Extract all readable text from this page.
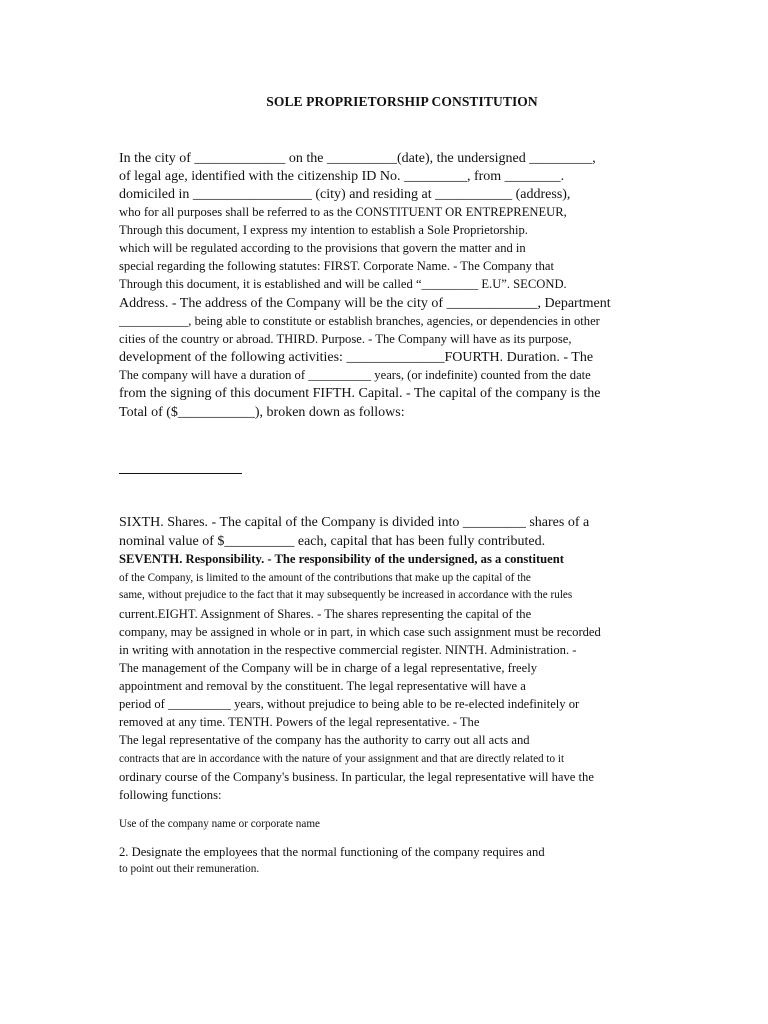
SOLE PROPRIETORSHIP CONSTITUTION
In the city of _____________ on the __________(date), the undersigned _________,
of legal age, identified with the citizenship ID No. _________, from ________.
domiciled in _________________ (city) and residing at ___________ (address),
who for all purposes shall be referred to as the CONSTITUENT OR ENTREPRENEUR,
Through this document, I express my intention to establish a Sole Proprietorship.
which will be regulated according to the provisions that govern the matter and in
special regarding the following statutes: FIRST. Corporate Name. - The Company that
Through this document, it is established and will be called “_________ E.U”. SECOND.
Address. - The address of the Company will be the city of _____________, Department
___________, being able to constitute or establish branches, agencies, or dependencies in other
cities of the country or abroad. THIRD. Purpose. - The Company will have as its purpose,
development of the following activities: ______________FOURTH. Duration. - The
The company will have a duration of __________ years, (or indefinite) counted from the date
from the signing of this document FIFTH. Capital. - The capital of the company is the
Total of ($___________), broken down as follows:
SIXTH. Shares. - The capital of the Company is divided into _________ shares of a
nominal value of $__________ each, capital that has been fully contributed.
SEVENTH. Responsibility. - The responsibility of the undersigned, as a constituent
of the Company, is limited to the amount of the contributions that make up the capital of the
same, without prejudice to the fact that it may subsequently be increased in accordance with the rules
current.EIGHT. Assignment of Shares. - The shares representing the capital of the
company, may be assigned in whole or in part, in which case such assignment must be recorded
in writing with annotation in the respective commercial register. NINTH. Administration. -
The management of the Company will be in charge of a legal representative, freely
appointment and removal by the constituent. The legal representative will have a
period of __________ years, without prejudice to being able to be re-elected indefinitely or
removed at any time. TENTH. Powers of the legal representative. - The
The legal representative of the company has the authority to carry out all acts and
contracts that are in accordance with the nature of your assignment and that are directly related to it
ordinary course of the Company's business. In particular, the legal representative will have the
following functions:
Use of the company name or corporate name
2. Designate the employees that the normal functioning of the company requires and
to point out their remuneration.
